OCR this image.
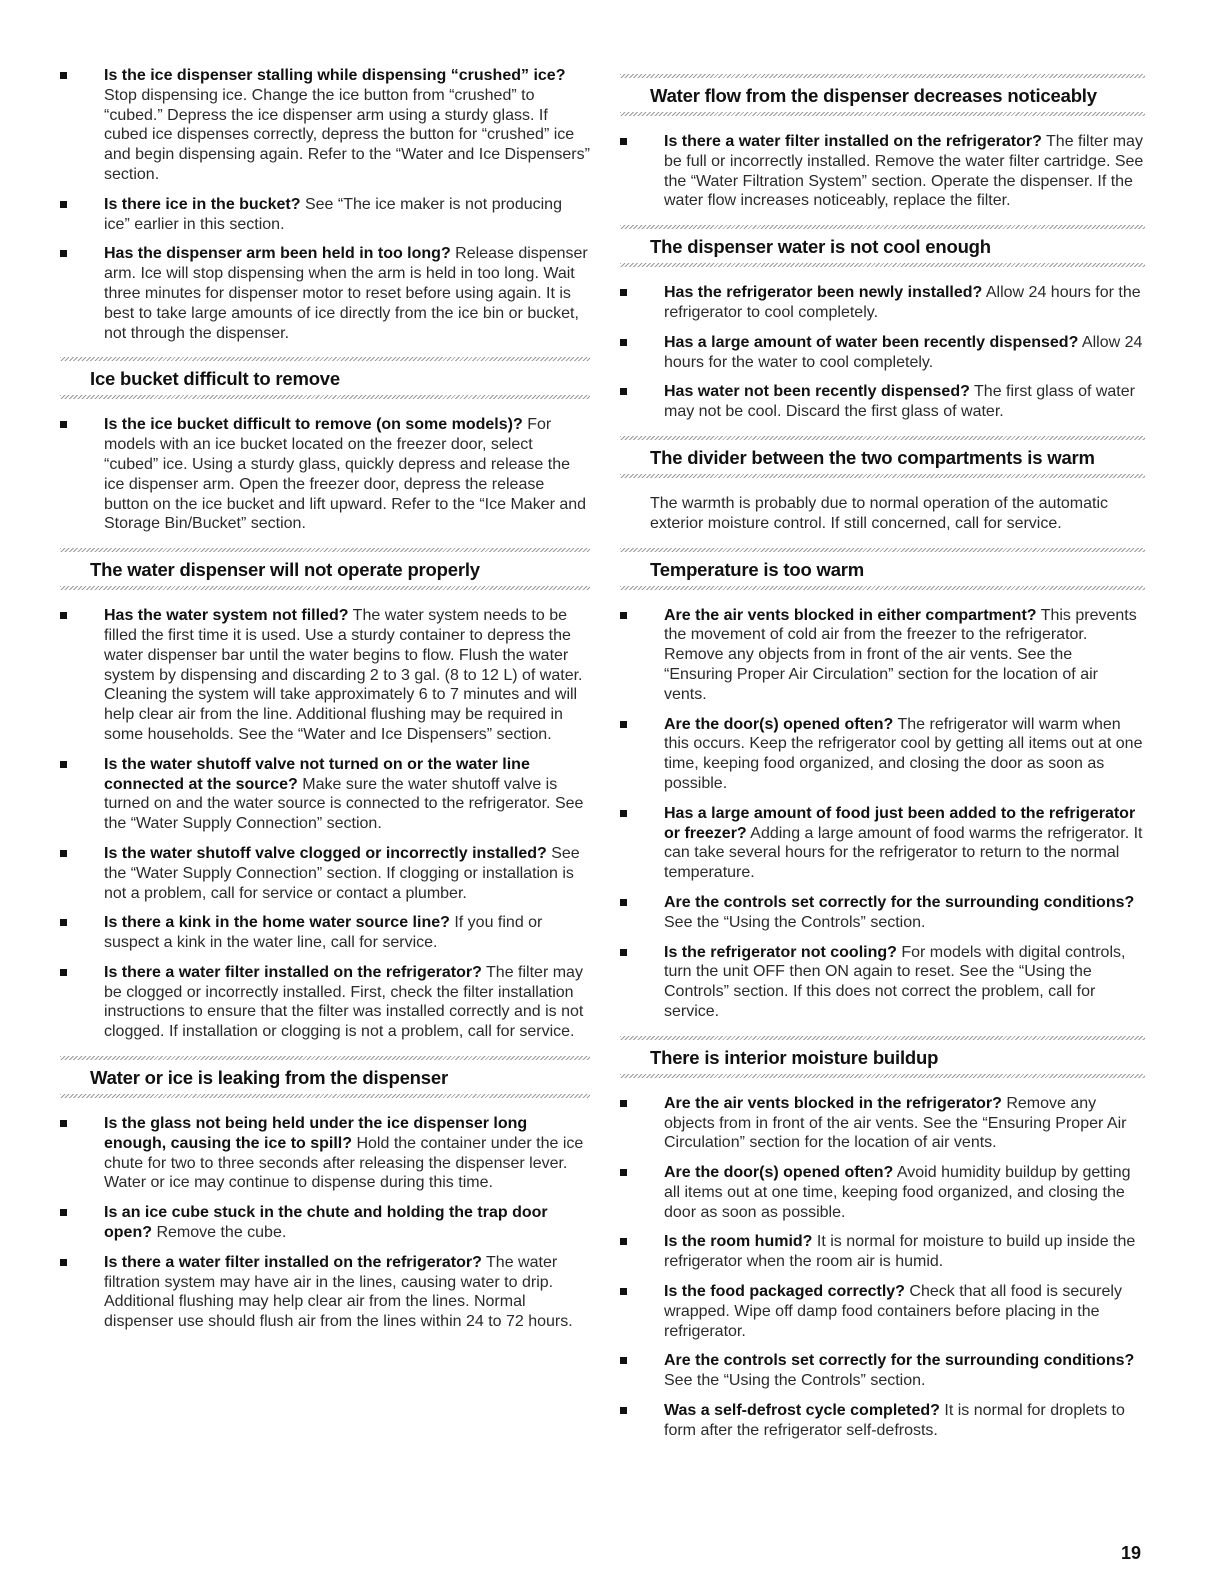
Is the ice dispenser stalling while dispensing “crushed” ice? Stop dispensing ice. Change the ice button from “crushed” to “cubed.” Depress the ice dispenser arm using a sturdy glass. If cubed ice dispenses correctly, depress the button for “crushed” ice and begin dispensing again. Refer to the “Water and Ice Dispensers” section.
Is there ice in the bucket? See “The ice maker is not producing ice” earlier in this section.
Has the dispenser arm been held in too long? Release dispenser arm. Ice will stop dispensing when the arm is held in too long. Wait three minutes for dispenser motor to reset before using again. It is best to take large amounts of ice directly from the ice bin or bucket, not through the dispenser.
Ice bucket difficult to remove
Is the ice bucket difficult to remove (on some models)? For models with an ice bucket located on the freezer door, select “cubed” ice. Using a sturdy glass, quickly depress and release the ice dispenser arm. Open the freezer door, depress the release button on the ice bucket and lift upward. Refer to the “Ice Maker and Storage Bin/Bucket” section.
The water dispenser will not operate properly
Has the water system not filled? The water system needs to be filled the first time it is used. Use a sturdy container to depress the water dispenser bar until the water begins to flow. Flush the water system by dispensing and discarding 2 to 3 gal. (8 to 12 L) of water. Cleaning the system will take approximately 6 to 7 minutes and will help clear air from the line. Additional flushing may be required in some households. See the “Water and Ice Dispensers” section.
Is the water shutoff valve not turned on or the water line connected at the source? Make sure the water shutoff valve is turned on and the water source is connected to the refrigerator. See the “Water Supply Connection” section.
Is the water shutoff valve clogged or incorrectly installed? See the “Water Supply Connection” section. If clogging or installation is not a problem, call for service or contact a plumber.
Is there a kink in the home water source line? If you find or suspect a kink in the water line, call for service.
Is there a water filter installed on the refrigerator? The filter may be clogged or incorrectly installed. First, check the filter installation instructions to ensure that the filter was installed correctly and is not clogged. If installation or clogging is not a problem, call for service.
Water or ice is leaking from the dispenser
Is the glass not being held under the ice dispenser long enough, causing the ice to spill? Hold the container under the ice chute for two to three seconds after releasing the dispenser lever. Water or ice may continue to dispense during this time.
Is an ice cube stuck in the chute and holding the trap door open? Remove the cube.
Is there a water filter installed on the refrigerator? The water filtration system may have air in the lines, causing water to drip. Additional flushing may help clear air from the lines. Normal dispenser use should flush air from the lines within 24 to 72 hours.
Water flow from the dispenser decreases noticeably
Is there a water filter installed on the refrigerator? The filter may be full or incorrectly installed. Remove the water filter cartridge. See the “Water Filtration System” section. Operate the dispenser. If the water flow increases noticeably, replace the filter.
The dispenser water is not cool enough
Has the refrigerator been newly installed? Allow 24 hours for the refrigerator to cool completely.
Has a large amount of water been recently dispensed? Allow 24 hours for the water to cool completely.
Has water not been recently dispensed? The first glass of water may not be cool. Discard the first glass of water.
The divider between the two compartments is warm

The warmth is probably due to normal operation of the automatic exterior moisture control. If still concerned, call for service.

Temperature is too warm
Are the air vents blocked in either compartment? This prevents the movement of cold air from the freezer to the refrigerator. Remove any objects from in front of the air vents. See the “Ensuring Proper Air Circulation” section for the location of air vents.
Are the door(s) opened often? The refrigerator will warm when this occurs. Keep the refrigerator cool by getting all items out at one time, keeping food organized, and closing the door as soon as possible.
Has a large amount of food just been added to the refrigerator or freezer? Adding a large amount of food warms the refrigerator. It can take several hours for the refrigerator to return to the normal temperature.
Are the controls set correctly for the surrounding conditions? See the “Using the Controls” section.
Is the refrigerator not cooling? For models with digital controls, turn the unit OFF then ON again to reset. See the “Using the Controls” section. If this does not correct the problem, call for service.
There is interior moisture buildup
Are the air vents blocked in the refrigerator? Remove any objects from in front of the air vents. See the “Ensuring Proper Air Circulation” section for the location of air vents.
Are the door(s) opened often? Avoid humidity buildup by getting all items out at one time, keeping food organized, and closing the door as soon as possible.
Is the room humid? It is normal for moisture to build up inside the refrigerator when the room air is humid.
Is the food packaged correctly? Check that all food is securely wrapped. Wipe off damp food containers before placing in the refrigerator.
Are the controls set correctly for the surrounding conditions? See the “Using the Controls” section.
Was a self-defrost cycle completed? It is normal for droplets to form after the refrigerator self-defrosts.
19
